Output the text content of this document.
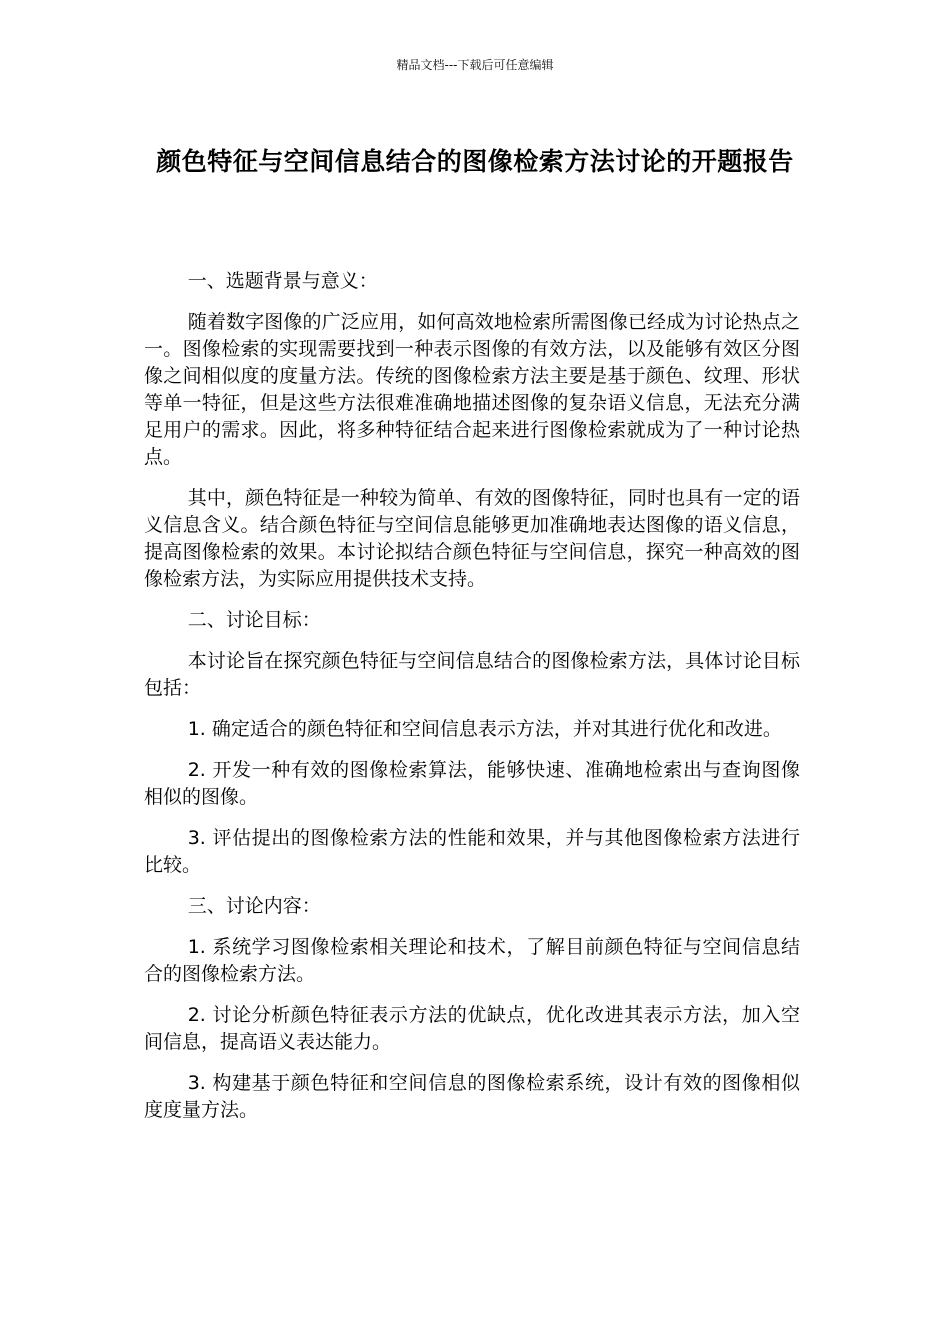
精品文档---下载后可任意编辑
颜色特征与空间信息结合的图像检索方法讨论的开题报告

一、选题背景与意义：

随着数字图像的广泛应用，如何高效地检索所需图像已经成为讨论热点之一。图像检索的实现需要找到一种表示图像的有效方法，以及能够有效区分图像之间相似度的度量方法。传统的图像检索方法主要是基于颜色、纹理、形状等单一特征，但是这些方法很难准确地描述图像的复杂语义信息，无法充分满足用户的需求。因此，将多种特征结合起来进行图像检索就成为了一种讨论热点。

其中，颜色特征是一种较为简单、有效的图像特征，同时也具有一定的语义信息含义。结合颜色特征与空间信息能够更加准确地表达图像的语义信息，提高图像检索的效果。本讨论拟结合颜色特征与空间信息，探究一种高效的图像检索方法，为实际应用提供技术支持。

二、讨论目标：

本讨论旨在探究颜色特征与空间信息结合的图像检索方法，具体讨论目标包括：

1. 确定适合的颜色特征和空间信息表示方法，并对其进行优化和改进。

2. 开发一种有效的图像检索算法，能够快速、准确地检索出与查询图像相似的图像。

3. 评估提出的图像检索方法的性能和效果，并与其他图像检索方法进行比较。

三、讨论内容：

1. 系统学习图像检索相关理论和技术，了解目前颜色特征与空间信息结合的图像检索方法。

2. 讨论分析颜色特征表示方法的优缺点，优化改进其表示方法，加入空间信息，提高语义表达能力。

3. 构建基于颜色特征和空间信息的图像检索系统，设计有效的图像相似度度量方法。
